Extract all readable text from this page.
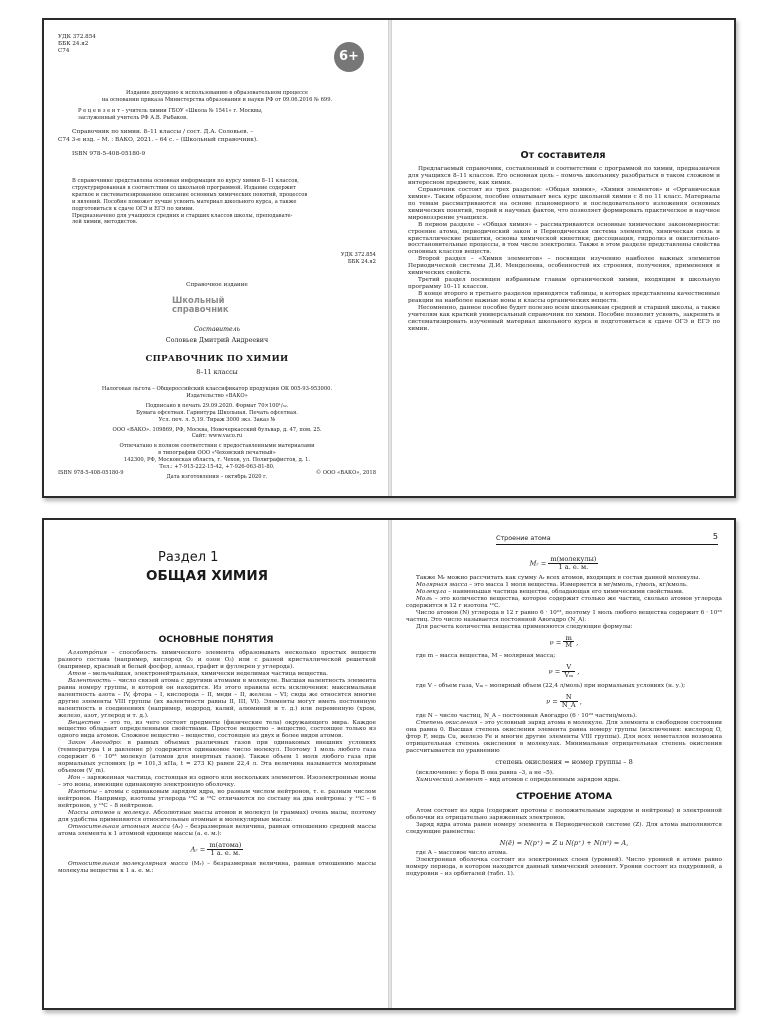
УДК 372.854
ББК 24.я2
С74	6+
Издание допущено к использованию в образовательном процессе
на основании приказа Министерства образования и науки РФ от 09.06.2016 № 699.
Р е ц е н з е н т – учитель химии ГБОУ «Школа № 1541» г. Москвы,
заслуженный учитель РФ А.В. Рыбаков.
Справочник по химии. 8–11 классы / сост. Д.А. Соловьев. –
С74 3-е изд. – М. : ВАКО, 2021. – 64 с. – (Школьный справочник).
ISBN 978-5-408-05180-9
В справочнике представлена основная информация по курсу химии 8–11 классов,
структурированная в соответствии со школьной программой. Издание содержит
краткое и систематизированное описание основных химических понятий, процессов
и явлений. Пособие поможет лучше усвоить материал школьного курса, а также
подготовиться к сдаче ОГЭ и ЕГЭ по химии.
Предназначено для учащихся средних и старших классов школы, преподавате-
лей химии, методистов.
УДК 372.854
ББК 24.я2
Справочное издание
Школьный
справочник
Составитель
Соловьев Дмитрий Андреевич
СПРАВОЧНИК ПО ХИМИИ
8–11 классы
Налоговая льгота – Общероссийский классификатор продукции ОК 005-93-953000.
Издательство «ВАКО»
Подписано в печать 29.09.2020. Формат 70×100¹/₃₂.
Бумага офсетная. Гарнитура Школьная. Печать офсетная.
Усл. печ. л. 5,19. Тираж 3000 экз. Заказ №
ООО «ВАКО». 109869, РФ, Москва, Новочеркасский бульвар, д. 47, пом. 25.
Сайт: www.vaco.ru
Отпечатано в полном соответствии с предоставленными материалами
в типографии ООО «Чеховский печатный»
142300, РФ, Московская область, г. Чехов, ул. Полиграфистов, д. 1.
Тел.: +7-915-222-15-42, +7-926-063-81-80.
Дата изготовления – октябрь 2020 г.
ISBN 978-5-408-05180-9	© ООО «ВАКО», 2018
От составителя

Предлагаемый справочник, составленный в соответствии с программой по химии, предназначен для учащихся 8–11 классов. Его основная цель – помочь школьнику разобраться в таком сложном и интересном предмете, как химия.

Справочник состоит из трех разделов: «Общая химия», «Химия элементов» и «Органическая химия». Таким образом, пособие охватывает весь курс школьной химии с 8 по 11 класс. Материалы по темам рассматриваются на основе планомерного и последовательного изложения основных химических понятий, теорий и научных фактов, что позволяет формировать практическое и научное мировоззрение учащихся.

В первом разделе – «Общая химия» – рассматриваются основные химические закономерности: строение атома, периодический закон и Периодическая система элементов, химическая связь и кристаллические решетки, основы химической кинетики; диссоциация, гидролиз и окислительно-восстановительные процессы, в том числе электролиз. Также в этом разделе представлены свойства основных классов веществ.

Второй раздел – «Химия элементов» – посвящен изучению наиболее важных элементов Периодической системы Д.И. Менделеева, особенностей их строения, получения, применения и химических свойств.

Третий раздел посвящен избранным главам органической химии, входящим в школьную программу 10–11 классов.

В конце второго и третьего разделов приводятся таблицы, в которых представлены качественные реакции на наиболее важные ионы и классы органических веществ.

Несомненно, данное пособие будет полезно всем школьникам средней и старшей школы, а также учителям как краткий универсальный справочник по химии. Пособие позволит усвоить, закрепить и систематизировать изученный материал школьного курса и подготовиться к сдаче ОГЭ и ЕГЭ по химии.

Раздел 1
ОБЩАЯ ХИМИЯ
ОСНОВНЫЕ ПОНЯТИЯ

Аллотро́пия – способность химического элемента образовывать несколько простых веществ разного состава (например, кислород O₂ и озон O₃) или с разной кристаллической решеткой (например, красный и белый фосфор, алмаз, графит и фуллерен у углерода).

Атом – мельчайшая, электронейтральная, химически неделимая частица вещества.

Валентность – число связей атома с другими атомами в молекуле. Высшая валентность элемента равна номеру группы, в которой он находится. Из этого правила есть исключения: максимальная валентность азота – IV, фтора – I, кислорода – II, меди – II, железа – VI; сюда же относятся многие другие элементы VIII группы (их валентности равны II, III, VI). Элементы могут иметь постоянную валентность в соединениях (например, водород, калий, алюминий и т. д.) или переменную (хром, железо, азот, углерод и т. д.).

Вещество – это то, из чего состоят предметы (физические тела) окружающего мира. Каждое вещество обладает определенными свойствами. Простое вещество – вещество, состоящее только из одного вида атомов. Сложное вещество – вещество, состоящее из двух и более видов атомов.

Закон Авогадро: в равных объемах различных газов при одинаковых внешних условиях (температура t и давление p) содержится одинаковое число молекул. Поэтому 1 моль любого газа содержит 6 · 10²³ молекул (атомов для инертных газов). Также объем 1 моля любого газа при нормальных условиях (p = 101,3 кПа, t = 273 K) равен 22,4 л. Эта величина называется молярным объемом (V_m).

Ион – заряженная частица, состоящая из одного или нескольких элементов. Изоэлектронные ионы – это ионы, имеющие одинаковую электронную оболочку.

Изотопы – атомы с одинаковым зарядом ядра, но разным числом нейтронов, т. е. разным числом нейтронов. Например, изотопы углерода ¹²C и ¹³C отличаются по составу на два нейтрона: у ¹²C – 6 нейтронов, у ¹³C – 8 нейтронов.

Массы атомов и молекул. Абсолютные массы атомов и молекул (в граммах) очень малы, поэтому для удобства применяются относительные атомные и молекулярные массы.

Относительная атомная масса (Aᵣ) – безразмерная величина, равная отношению средней массы атома элемента к 1 атомной единице массы (а. е. м.):

Aᵣ = $\frac{\text{m(атома)}}{1 а. е. м.}$

Относительная молекулярная масса (Mᵣ) – безразмерная величина, равная отношению массы молекулы вещества к 1 а. е. м.:

Строение атома	5
Mᵣ = $\frac{\text{m(молекулы)}}{1 а. е. м.}$

Также Mᵣ можно рассчитать как сумму Aᵣ всех атомов, входящих в состав данной молекулы.

Молярная масса – это масса 1 моля вещества. Измеряется в мг/ммоль, г/моль, кг/кмоль.

Молекула – наименьшая частица вещества, обладающая его химическими свойствами.

Моль – это количество вещества, которое содержит столько же частиц, сколько атомов углерода содержится в 12 г изотопа ¹²C.

Число атомов (N) углерода в 12 г равно 6 · 10²³, поэтому 1 моль любого вещества содержит 6 · 10²³ частиц. Это число называется постоянной Авогадро (N_A).

Для расчета количества вещества применяются следующие формулы:

$\nu = \frac{m}{M}$ ,

где m – масса вещества, M – молярная масса;

$\nu = \frac{V}{\text{Vₘ}}$ ,

где V – объем газа, Vₘ – молярный объем (22,4 л/моль) при нормальных условиях (н. у.);

$\nu = \frac{N}{N\_A}$ ,

где N – число частиц, N_A – постоянная Авогадро (6 · 10²³ частиц/моль).

Степень окисления – это условный заряд атома в молекуле. Для элемента в свободном состоянии она равна 0. Высшая степень окисления элемента равна номеру группы (исключения: кислород O, фтор F, медь Cu, железо Fe и многие другие элементы VIII группы). Для всех неметаллов возможна отрицательная степень окисления в молекулах. Минимальная отрицательная степень окисления рассчитывается по уравнению

степень окисления = номер группы – 8

(исключение: у бора B она равна –3, а не –5).

Химический элемент – вид атомов с определенным зарядом ядра.

СТРОЕНИЕ АТОМА

Атом состоит из ядра (содержит протоны с положительным зарядом и нейтроны) и электронной оболочки из отрицательно заряженных электронов.

Заряд ядра атома равен номеру элемента в Периодической системе (Z). Для атома выполняются следующие равенства:

N(ē) = N(p⁺) = Z и N(p⁺) + N(n⁰) = A,

где A – массовое число атома.

Электронная оболочка состоит из электронных слоев (уровней). Число уровней в атоме равно номеру периода, в котором находится данный химический элемент. Уровни состоят из подуровней, а подуровни – из орбиталей (табл. 1).
